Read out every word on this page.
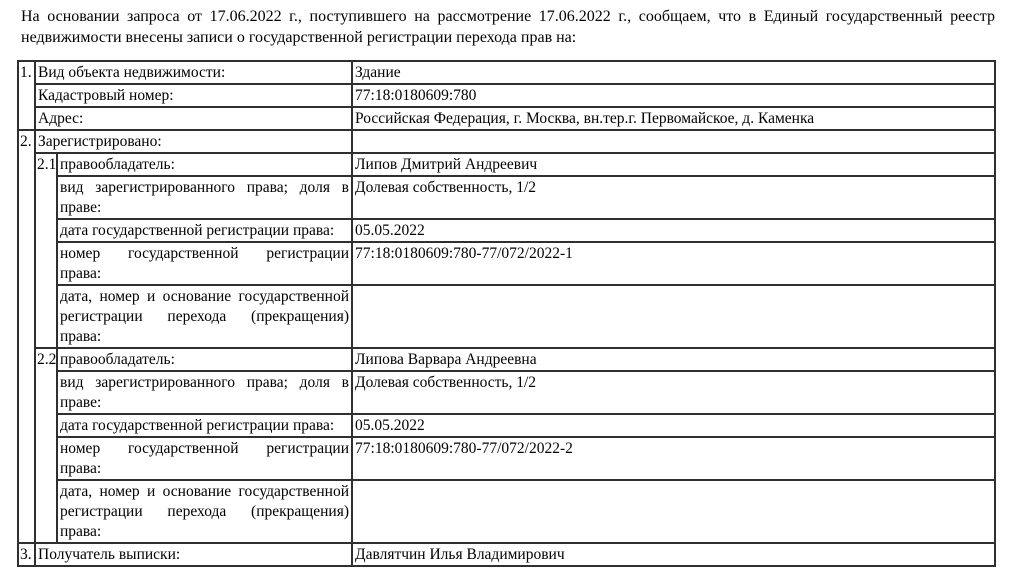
На основании запроса от 17.06.2022 г., поступившего на рассмотрение 17.06.2022 г., сообщаем, что в Единый государственный реестр недвижимости внесены записи о государственной регистрации перехода прав на:
1.	Вид объекта недвижимости:		Здание
	Кадастровый номер:		77:18:0180609:780
	Адрес:		Российская Федерация, г. Москва, вн.тер.г. Первомайское, д. Каменка
2.	Зарегистрировано:		
	2.1	правообладатель:	Липов Дмитрий Андреевич
		вид зарегистрированного права; доля в
праве:	Долевая собственность, 1/2
		дата государственной регистрации права:	05.05.2022
		номер государственной регистрации
права:	77:18:0180609:780-77/072/2022-1
		дата, номер и основание государственной регистрации перехода (прекращения)
права:	

	2.2	правообладатель:	Липова Варвара Андреевна
		вид зарегистрированного права; доля в
праве:	Долевая собственность, 1/2
		дата государственной регистрации права:	05.05.2022
		номер государственной регистрации
права:	77:18:0180609:780-77/072/2022-2
		дата, номер и основание государственной регистрации перехода (прекращения)
права:	

3.	Получатель выписки:		Давлятчин Илья Владимирович
